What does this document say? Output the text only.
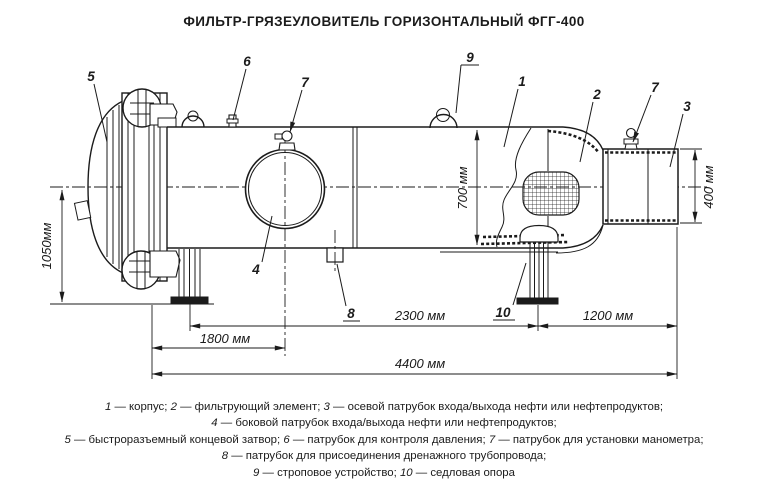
ФИЛЬТР-ГРЯЗЕУЛОВИТЕЛЬ ГОРИЗОНТАЛЬНЫЙ ФГГ-400
1050мм
700 мм	400 мм
2300 мм	1200 мм
1800 мм
4400 мм
5
6
7
9
1
2	7
3
4
8	10
1 — корпус; 2 — фильтрующий элемент; 3 — осевой патрубок входа/выхода нефти или нефтепродуктов;
4 — боковой патрубок входа/выхода нефти или нефтепродуктов;
5 — быстроразъемный концевой затвор; 6 — патрубок для контроля давления; 7 — патрубок для установки манометра;
8 — патрубок для присоединения дренажного трубопровода;
9 — строповое устройство; 10 — седловая опора
